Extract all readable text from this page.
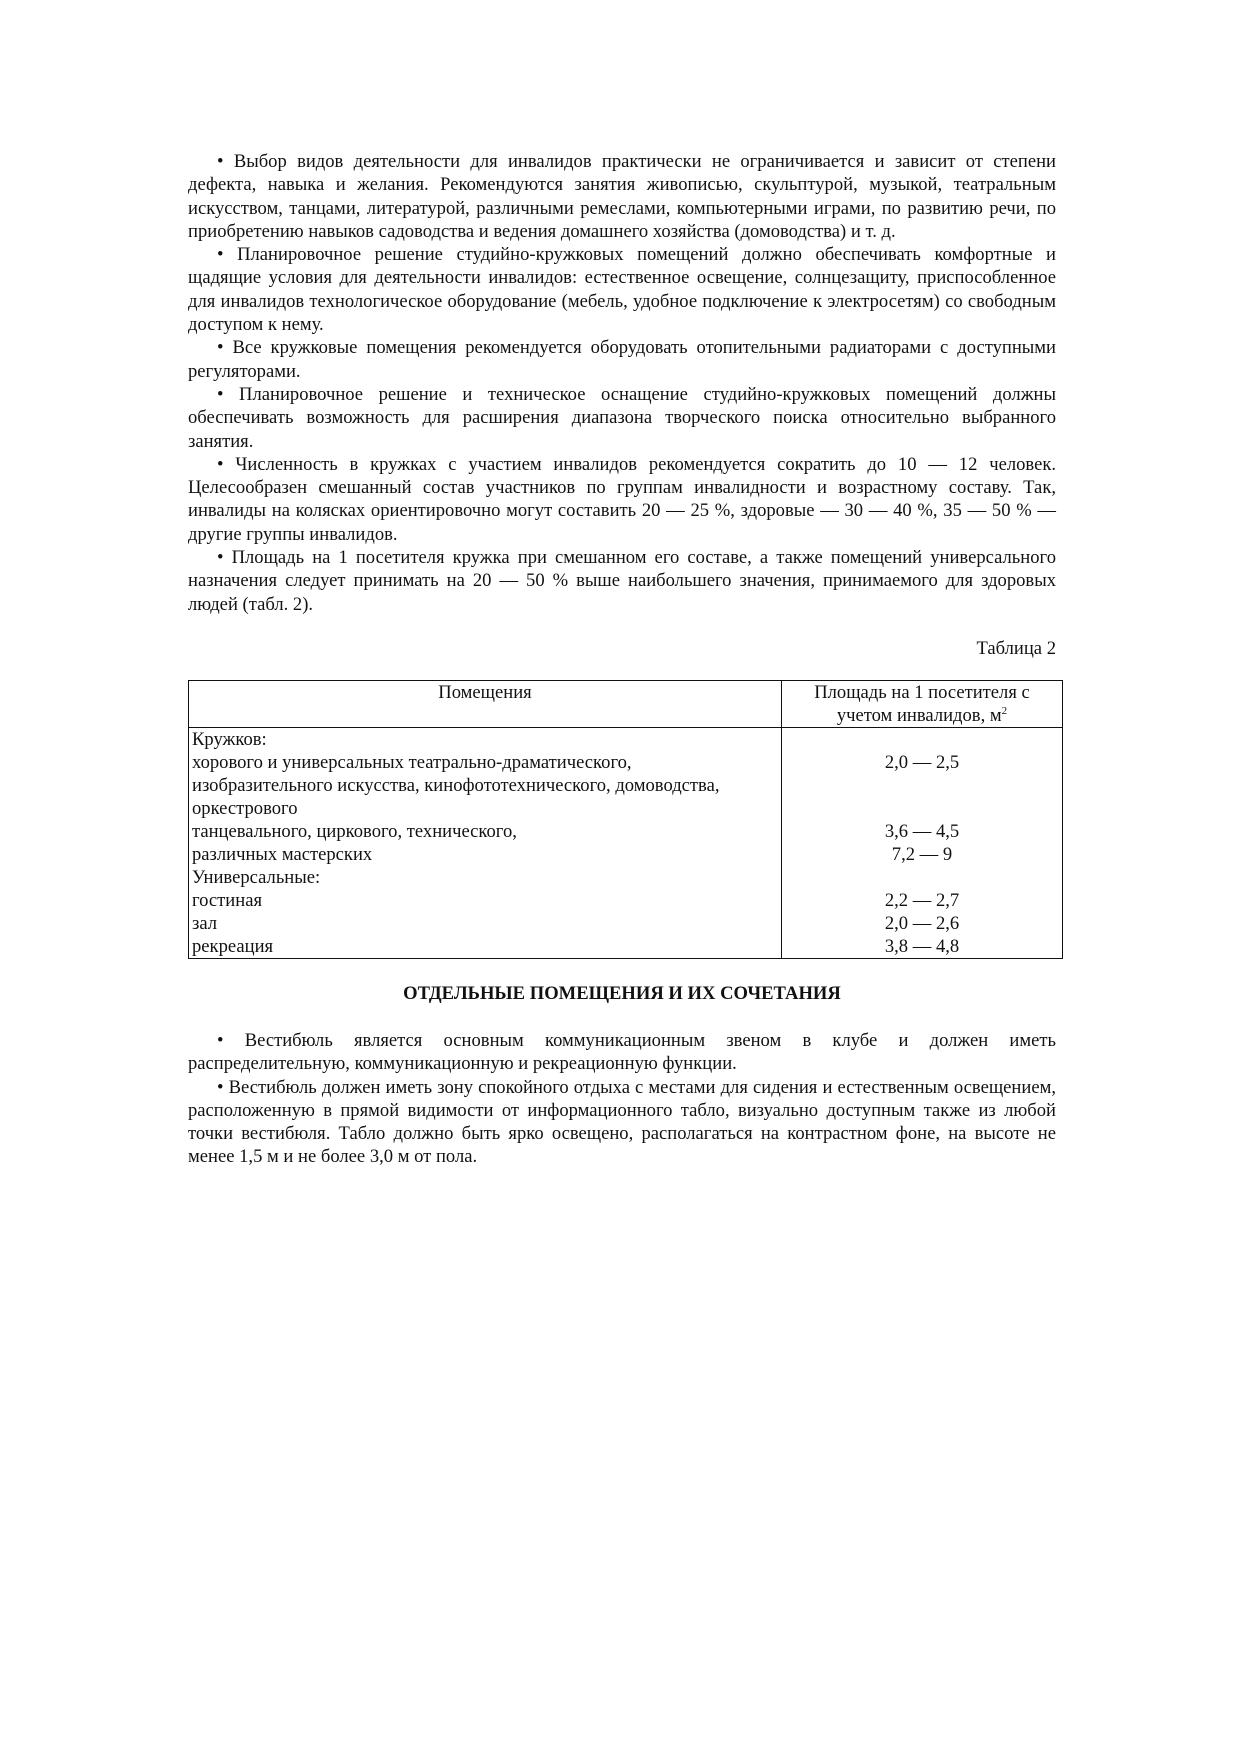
• Выбор видов деятельности для инвалидов практически не ограничивается и зависит от степени дефекта, навыка и желания. Рекомендуются занятия живописью, скульптурой, музыкой, театральным искусством, танцами, литературой, различными ремеслами, компьютерными играми, по развитию речи, по приобретению навыков садоводства и ведения домашнего хозяйства (домоводства) и т. д.

• Планировочное решение студийно-кружковых помещений должно обеспечивать комфортные и щадящие условия для деятельности инвалидов: естественное освещение, солнцезащиту, приспособленное для инвалидов технологическое оборудование (мебель, удобное подключение к электросетям) со свободным доступом к нему.

• Все кружковые помещения рекомендуется оборудовать отопительными радиаторами с доступными регуляторами.

• Планировочное решение и техническое оснащение студийно-кружковых помещений должны обеспечивать возможность для расширения диапазона творческого поиска относительно выбранного занятия.

• Численность в кружках с участием инвалидов рекомендуется сократить до 10 — 12 человек. Целесообразен смешанный состав участников по группам инвалидности и возрастному составу. Так, инвалиды на колясках ориентировочно могут составить 20 — 25 %, здоровые — 30 — 40 %, 35 — 50 % — другие группы инвалидов.

• Площадь на 1 посетителя кружка при смешанном его составе, а также помещений универсального назначения следует принимать на 20 — 50 % выше наибольшего значения, принимаемого для здоровых людей (табл. 2).

Таблица 2
Помещения	Площадь на 1 посетителя с учетом инвалидов, $м^2$
Кружков:	
хорового и универсальных театрально-драматического,	2,0 — 2,5
изобразительного искусства, кинофототехнического, домоводства,	
оркестрового	
танцевального, циркового, технического,	3,6 — 4,5
различных мастерских	7,2 — 9
Универсальные:	
гостиная	2,2 — 2,7
зал	2,0 — 2,6
рекреация	3,8 — 4,8
ОТДЕЛЬНЫЕ ПОМЕЩЕНИЯ И ИХ СОЧЕТАНИЯ

• Вестибюль является основным коммуникационным звеном в клубе и должен иметь распределительную, коммуникационную и рекреационную функции.

• Вестибюль должен иметь зону спокойного отдыха с местами для сидения и естественным освещением, расположенную в прямой видимости от информационного табло, визуально доступным также из любой точки вестибюля. Табло должно быть ярко освещено, располагаться на контрастном фоне, на высоте не менее 1,5 м и не более 3,0 м от пола.
